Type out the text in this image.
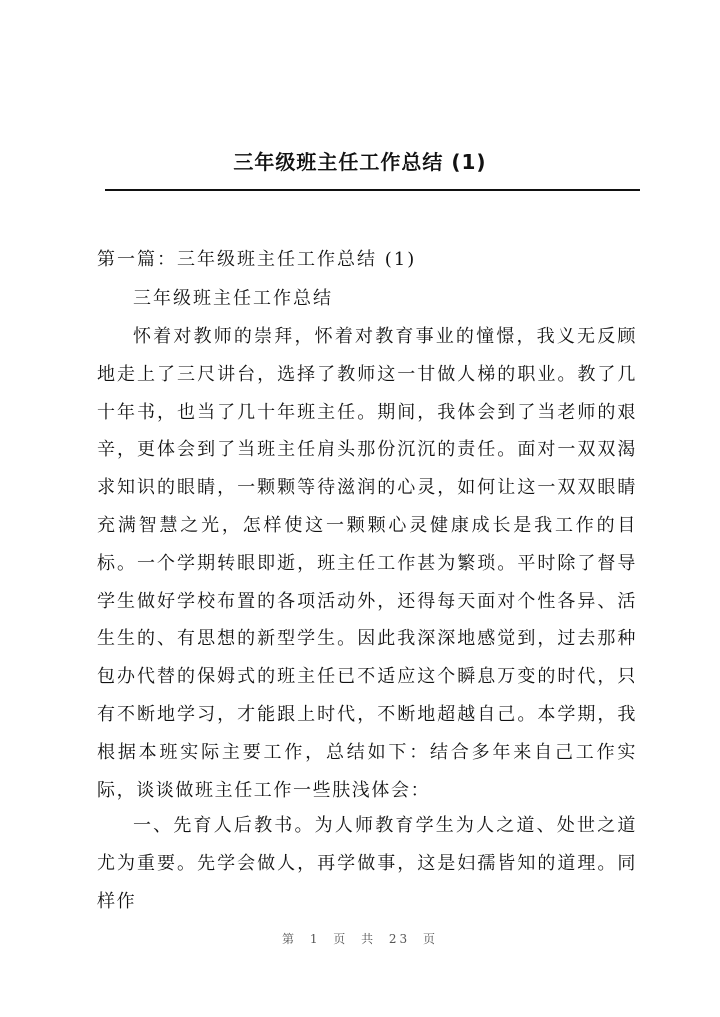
三年级班主任工作总结 (1)

第一篇：三年级班主任工作总结 (1)

三年级班主任工作总结

怀着对教师的崇拜，怀着对教育事业的憧憬，我义无反顾地走上了三尺讲台，选择了教师这一甘做人梯的职业。教了几十年书，也当了几十年班主任。期间，我体会到了当老师的艰辛，更体会到了当班主任肩头那份沉沉的责任。面对一双双渴求知识的眼睛，一颗颗等待滋润的心灵，如何让这一双双眼睛充满智慧之光，怎样使这一颗颗心灵健康成长是我工作的目标。一个学期转眼即逝，班主任工作甚为繁琐。平时除了督导学生做好学校布置的各项活动外，还得每天面对个性各异、活生生的、有思想的新型学生。因此我深深地感觉到，过去那种包办代替的保姆式的班主任已不适应这个瞬息万变的时代，只有不断地学习，才能跟上时代，不断地超越自己。本学期，我根据本班实际主要工作，总结如下：结合多年来自己工作实际，谈谈做班主任工作一些肤浅体会：

一、先育人后教书。为人师教育学生为人之道、处世之道尤为重要。先学会做人，再学做事，这是妇孺皆知的道理。同样作

第 1 页 共 23 页
